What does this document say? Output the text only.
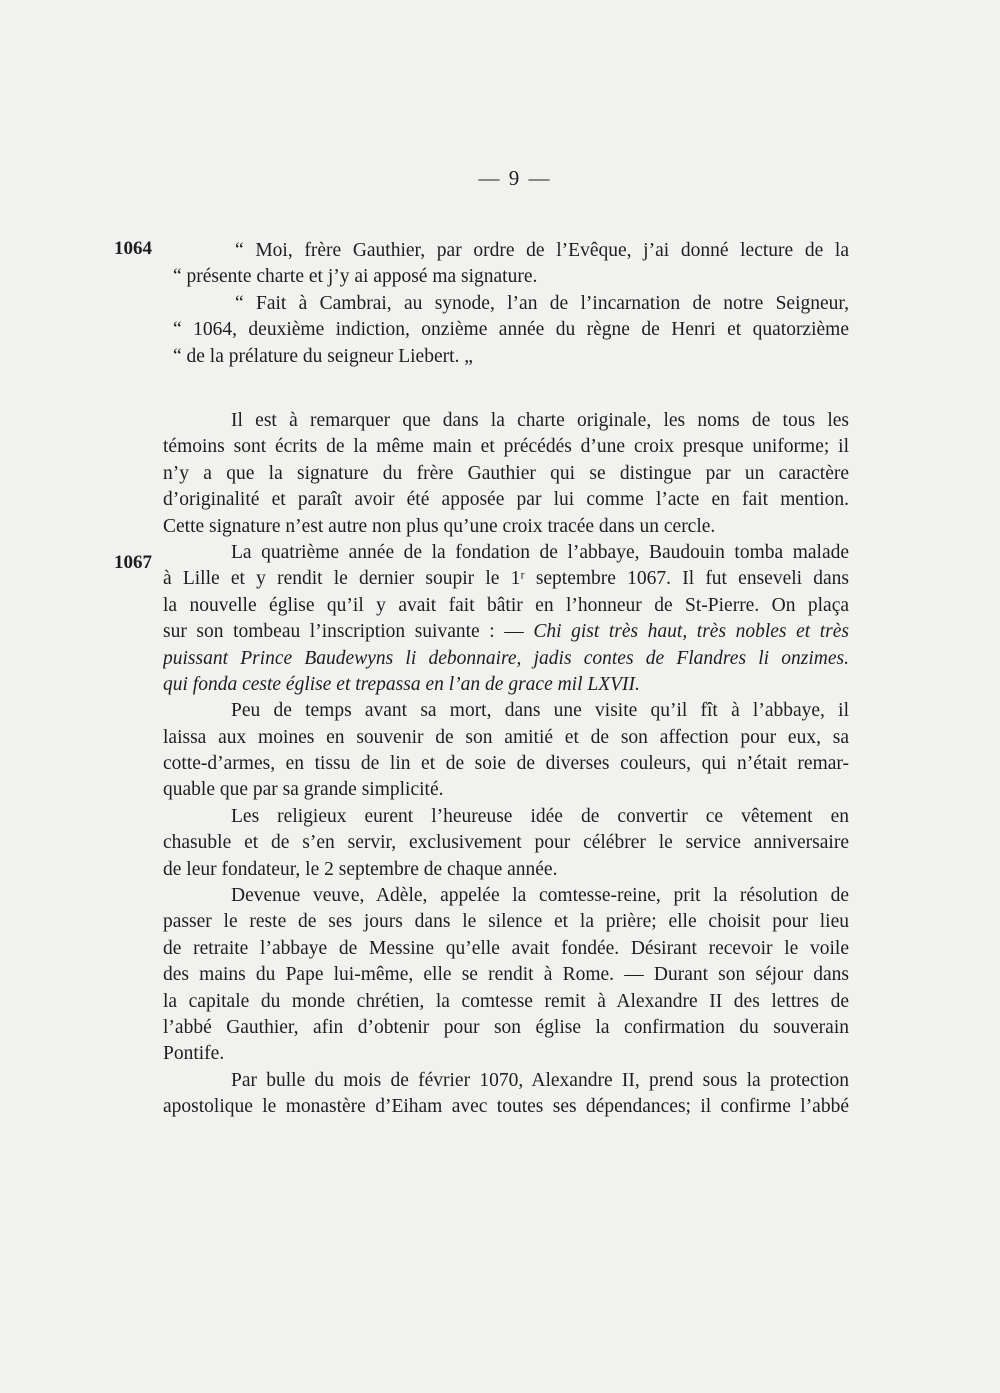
— 9 —
1064
1067
“ Moi, frère Gauthier, par ordre de l’Evêque, j’ai donné lecture de la
“ présente charte et j’y ai apposé ma signature.
“ Fait à Cambrai, au synode, l’an de l’incarnation de notre Seigneur,
“ 1064, deuxième indiction, onzième année du règne de Henri et quatorzième
“ de la prélature du seigneur Liebert. „
Il est à remarquer que dans la charte originale, les noms de tous les
témoins sont écrits de la même main et précédés d’une croix presque uniforme; il
n’y a que la signature du frère Gauthier qui se distingue par un caractère
d’originalité et paraît avoir été apposée par lui comme l’acte en fait mention.
Cette signature n’est autre non plus qu’une croix tracée dans un cercle.
La quatrième année de la fondation de l’abbaye, Baudouin tomba malade
à Lille et y rendit le dernier soupir le 1ʳ septembre 1067. Il fut enseveli dans
la nouvelle église qu’il y avait fait bâtir en l’honneur de St-Pierre. On plaça
sur son tombeau l’inscription suivante : — Chi gist très haut, très nobles et très
puissant Prince Baudewyns li debonnaire, jadis contes de Flandres li onzimes.
qui fonda ceste église et trepassa en l’an de grace mil LXVII.
Peu de temps avant sa mort, dans une visite qu’il fît à l’abbaye, il
laissa aux moines en souvenir de son amitié et de son affection pour eux, sa
cotte-d’armes, en tissu de lin et de soie de diverses couleurs, qui n’était remar-
quable que par sa grande simplicité.
Les religieux eurent l’heureuse idée de convertir ce vêtement en
chasuble et de s’en servir, exclusivement pour célébrer le service anniversaire
de leur fondateur, le 2 septembre de chaque année.
Devenue veuve, Adèle, appelée la comtesse-reine, prit la résolution de
passer le reste de ses jours dans le silence et la prière; elle choisit pour lieu
de retraite l’abbaye de Messine qu’elle avait fondée. Désirant recevoir le voile
des mains du Pape lui-même, elle se rendit à Rome. — Durant son séjour dans
la capitale du monde chrétien, la comtesse remit à Alexandre II des lettres de
l’abbé Gauthier, afin d’obtenir pour son église la confirmation du souverain
Pontife.
Par bulle du mois de février 1070, Alexandre II, prend sous la protection
apostolique le monastère d’Eiham avec toutes ses dépendances; il confirme l’abbé
